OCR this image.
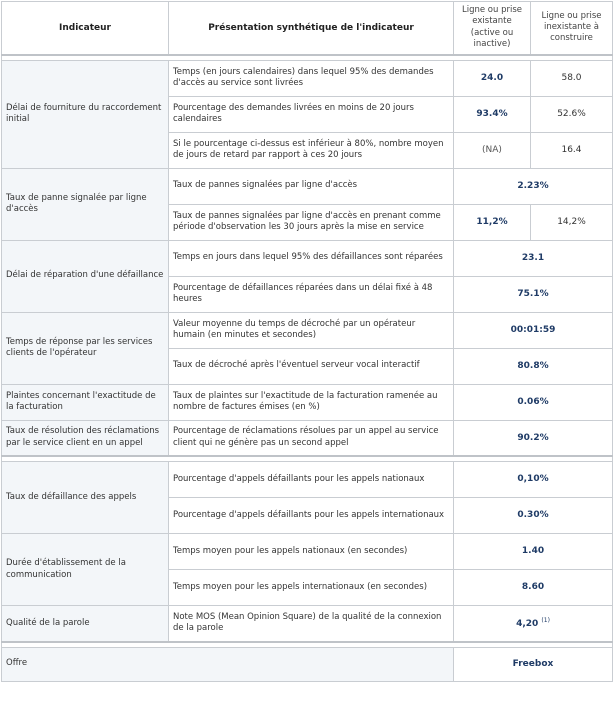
Indicateur	Présentation synthétique de l'indicateur	Ligne ou prise existante (active ou inactive)	Ligne ou prise inexistante à construire

Délai de fourniture du raccordement initial	Temps (en jours calendaires) dans lequel 95% des demandes d'accès au service sont livrées	24.0	58.0
	Pourcentage des demandes livrées en moins de 20 jours calendaires	93.4%	52.6%
	Si le pourcentage ci-dessus est inférieur à 80%, nombre moyen de jours de retard par rapport à ces 20 jours	(NA)	16.4
Taux de panne signalée par ligne d'accès	Taux de pannes signalées par ligne d'accès	2.23%	
	Taux de pannes signalées par ligne d'accès en prenant comme période d'observation les 30 jours après la mise en service	11,2%	14,2%
Délai de réparation d'une défaillance	Temps en jours dans lequel 95% des défaillances sont réparées	23.1	
	Pourcentage de défaillances réparées dans un délai fixé à 48 heures	75.1%	
Temps de réponse par les services clients de l'opérateur	Valeur moyenne du temps de décroché par un opérateur humain (en minutes et secondes)	00:01:59	
	Taux de décroché après l'éventuel serveur vocal interactif	80.8%	
Plaintes concernant l'exactitude de la facturation	Taux de plaintes sur l'exactitude de la facturation ramenée au nombre de factures émises (en %)	0.06%	
Taux de résolution des réclamations par le service client en un appel	Pourcentage de réclamations résolues par un appel au service client qui ne génère pas un second appel	90.2%	

Taux de défaillance des appels	Pourcentage d'appels défaillants pour les appels nationaux	0,10%	
	Pourcentage d'appels défaillants pour les appels internationaux	0.30%	
Durée d'établissement de la communication	Temps moyen pour les appels nationaux (en secondes)	1.40	
	Temps moyen pour les appels internationaux (en secondes)	8.60	
Qualité de la parole	Note MOS (Mean Opinion Square) de la qualité de la connexion de la parole	4,20 $^{(1)}$

Offre		Freebox	
